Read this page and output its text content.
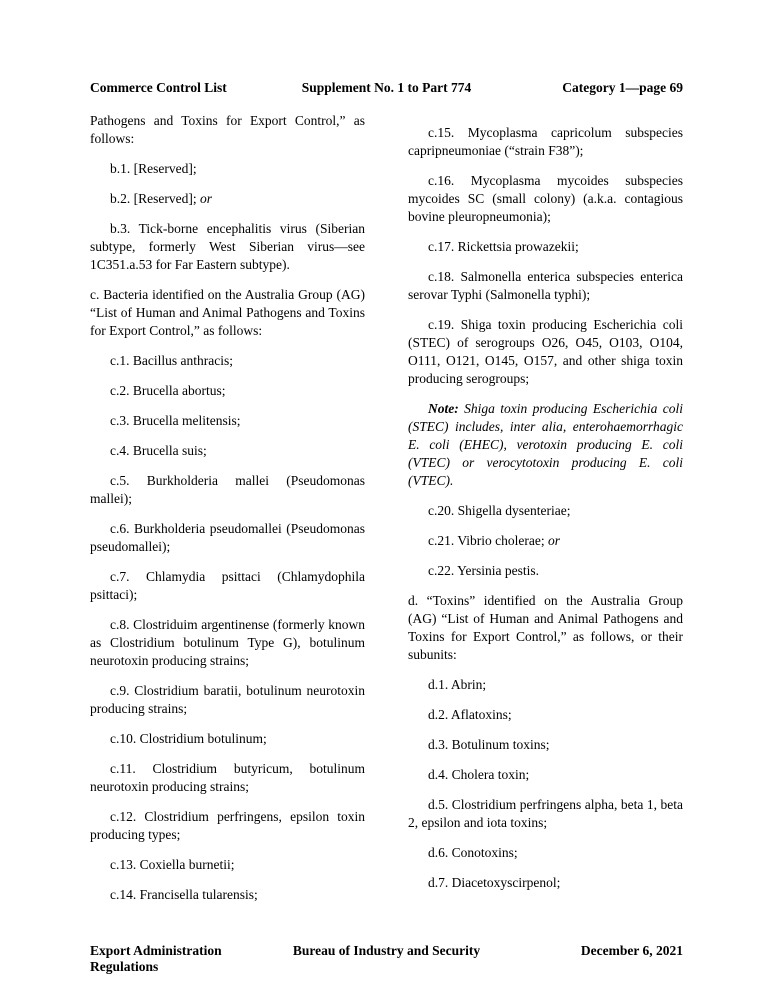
Commerce Control List	Supplement No. 1 to Part 774	Category 1—page 69

Pathogens and Toxins for Export Control,” as follows:

b.1. [Reserved];

b.2. [Reserved]; or

b.3. Tick-borne encephalitis virus (Siberian subtype, formerly West Siberian virus—see 1C351.a.53 for Far Eastern subtype).

c. Bacteria identified on the Australia Group (AG) “List of Human and Animal Pathogens and Toxins for Export Control,” as follows:

c.1. Bacillus anthracis;

c.2. Brucella abortus;

c.3. Brucella melitensis;

c.4. Brucella suis;

c.5. Burkholderia mallei (Pseudomonas mallei);

c.6. Burkholderia pseudomallei (Pseudomonas pseudomallei);

c.7. Chlamydia psittaci (Chlamydophila psittaci);

c.8. Clostriduim argentinense (formerly known as Clostridium botulinum Type G), botulinum neurotoxin producing strains;

c.9. Clostridium baratii, botulinum neurotoxin producing strains;

c.10. Clostridium botulinum;

c.11. Clostridium butyricum, botulinum neurotoxin producing strains;

c.12. Clostridium perfringens, epsilon toxin producing types;

c.13. Coxiella burnetii;

c.14. Francisella tularensis;

c.15. Mycoplasma capricolum subspecies capripneumoniae (“strain F38”);

c.16. Mycoplasma mycoides subspecies mycoides SC (small colony) (a.k.a. contagious bovine pleuropneumonia);

c.17. Rickettsia prowazekii;

c.18. Salmonella enterica subspecies enterica serovar Typhi (Salmonella typhi);

c.19. Shiga toxin producing Escherichia coli (STEC) of serogroups O26, O45, O103, O104, O111, O121, O145, O157, and other shiga toxin producing serogroups;

Note: Shiga toxin producing Escherichia coli (STEC) includes, inter alia, enterohaemorrhagic E. coli (EHEC), verotoxin producing E. coli (VTEC) or verocytotoxin producing E. coli (VTEC).

c.20. Shigella dysenteriae;

c.21. Vibrio cholerae; or

c.22. Yersinia pestis.

d. “Toxins” identified on the Australia Group (AG) “List of Human and Animal Pathogens and Toxins for Export Control,” as follows, or their subunits:

d.1. Abrin;

d.2. Aflatoxins;

d.3. Botulinum toxins;

d.4. Cholera toxin;

d.5. Clostridium perfringens alpha, beta 1, beta 2, epsilon and iota toxins;

d.6. Conotoxins;

d.7. Diacetoxyscirpenol;

Export Administration Regulations
Bureau of Industry and Security	December 6, 2021
